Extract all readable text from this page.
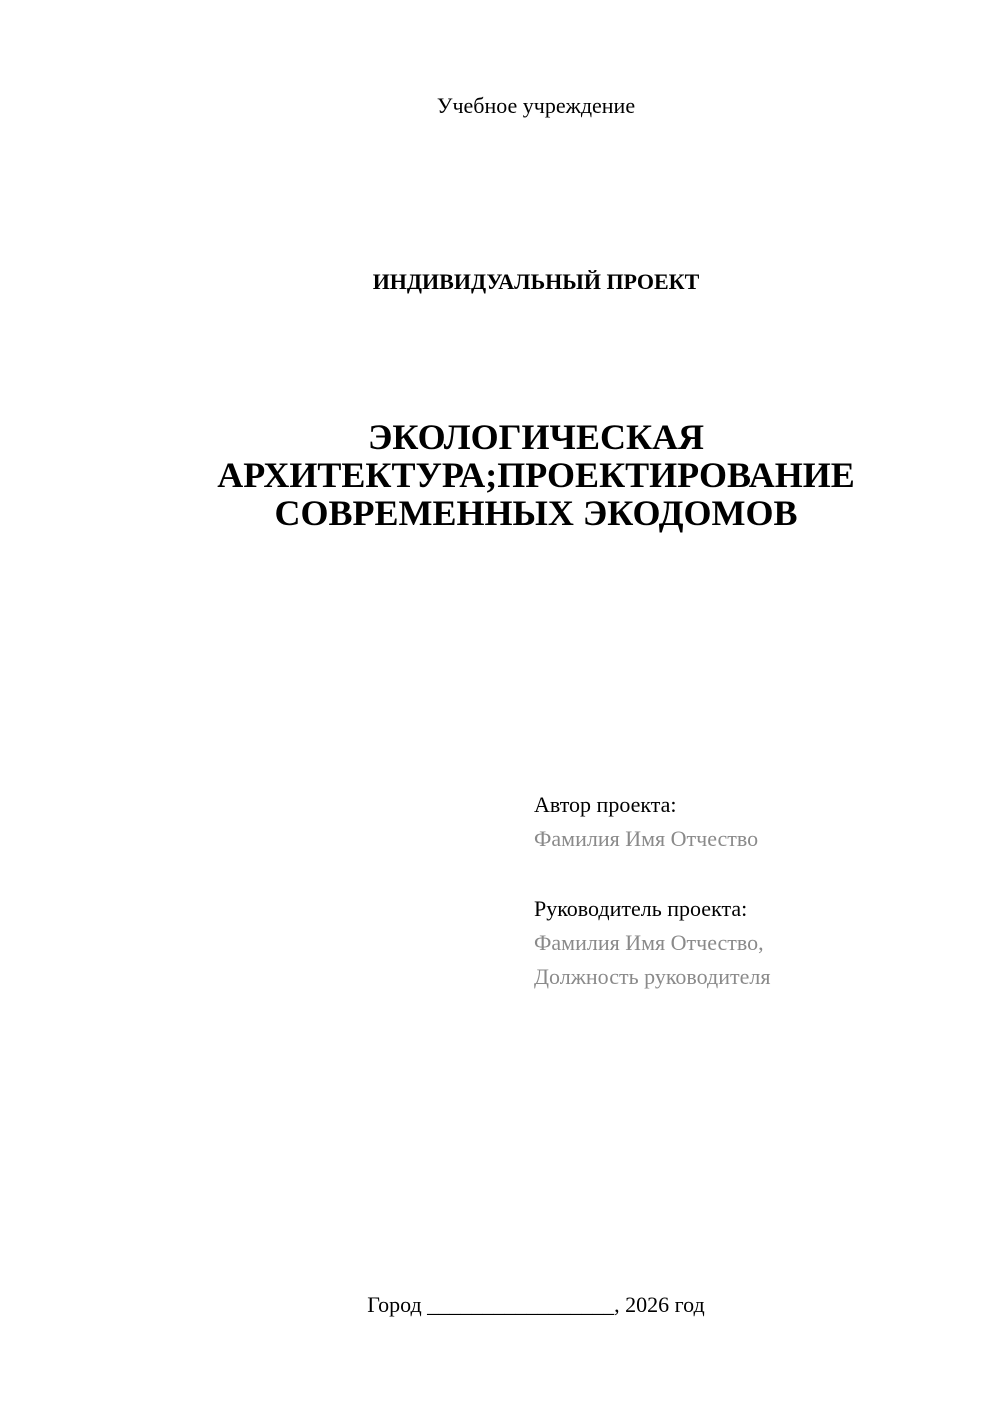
Учебное учреждение
ИНДИВИДУАЛЬНЫЙ ПРОЕКТ
ЭКОЛОГИЧЕСКАЯ
АРХИТЕКТУРА;ПРОЕКТИРОВАНИЕ
СОВРЕМЕННЫХ ЭКОДОМОВ
Автор проекта:
Фамилия Имя Отчество
Руководитель проекта:
Фамилия Имя Отчество,
Должность руководителя
Город _________________, 2026 год
